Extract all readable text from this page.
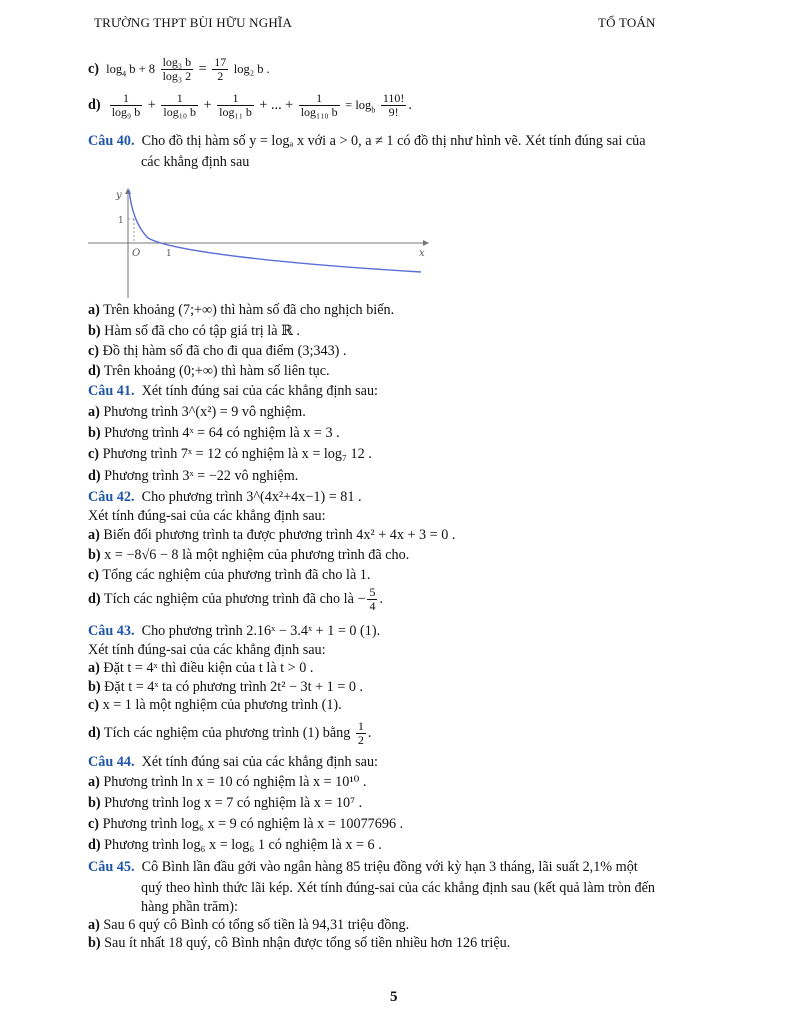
TRƯỜNG THPT BÙI HỮU NGHĨA	TỔ TOÁN
c) $\log_4 b + 8 \frac{\text{log₃ b}}{\text{log₃ 2}} = \frac{17}{2} \log_2$ b .
$d) \frac{1}{\text{log₉ b}} + \frac{1}{\text{log₁₀ b}} + \frac{1}{\text{log₁₁ b}}$ + ... + $\frac{1}{\text{log₁₁₀ b}} = \log_b \frac{110!}{9!}$ .
Câu 40. Cho đồ thị hàm số y = logₐ x với a > 0, a ≠ 1 có đồ thị như hình vẽ. Xét tính đúng sai của
các khẳng định sau
y
x
O	1
1
a) Trên khoảng (7;+∞) thì hàm số đã cho nghịch biến.
b) Hàm số đã cho có tập giá trị là ℝ .
c) Đồ thị hàm số đã cho đi qua điểm (3;343) .
d) Trên khoảng (0;+∞) thì hàm số liên tục.
Câu 41. Xét tính đúng sai của các khẳng định sau:
a) Phương trình 3^(x²) = 9 vô nghiệm.
b) Phương trình 4ˣ = 64 có nghiệm là x = 3 .
c) Phương trình 7ˣ = 12 có nghiệm là x = log₇ 12 .
d) Phương trình 3ˣ = −22 vô nghiệm.
Câu 42. Cho phương trình 3^(4x²+4x−1) = 81 .
Xét tính đúng-sai của các khẳng định sau:
a) Biến đổi phương trình ta được phương trình 4x² + 4x + 3 = 0 .
b) x = −8√6 − 8 là một nghiệm của phương trình đã cho.
c) Tổng các nghiệm của phương trình đã cho là 1.
d) Tích các nghiệm của phương trình đã cho là − $\frac{5}{4}$ .
Câu 43. Cho phương trình 2.16ˣ − 3.4ˣ + 1 = 0 (1).
Xét tính đúng-sai của các khẳng định sau:
a) Đặt t = 4ˣ thì điều kiện của t là t > 0 .
b) Đặt t = 4ˣ ta có phương trình 2t² − 3t + 1 = 0 .
c) x = 1 là một nghiệm của phương trình (1).
d) Tích các nghiệm của phương trình (1) bằng $\frac{1}{2}$ .
Câu 44. Xét tính đúng sai của các khẳng định sau:
a) Phương trình ln x = 10 có nghiệm là x = 10¹⁰ .
b) Phương trình log x = 7 có nghiệm là x = 10⁷ .
c) Phương trình log₆ x = 9 có nghiệm là x = 10077696 .
d) Phương trình log₆ x = log₆ 1 có nghiệm là x = 6 .
Câu 45. Cô Bình lần đầu gởi vào ngân hàng 85 triệu đồng với kỳ hạn 3 tháng, lãi suất 2,1% một
quý theo hình thức lãi kép. Xét tính đúng-sai của các khẳng định sau (kết quả làm tròn đến
hàng phần trăm):
a) Sau 6 quý cô Bình có tổng số tiền là 94,31 triệu đồng.
b) Sau ít nhất 18 quý, cô Bình nhận được tổng số tiền nhiều hơn 126 triệu.
5
